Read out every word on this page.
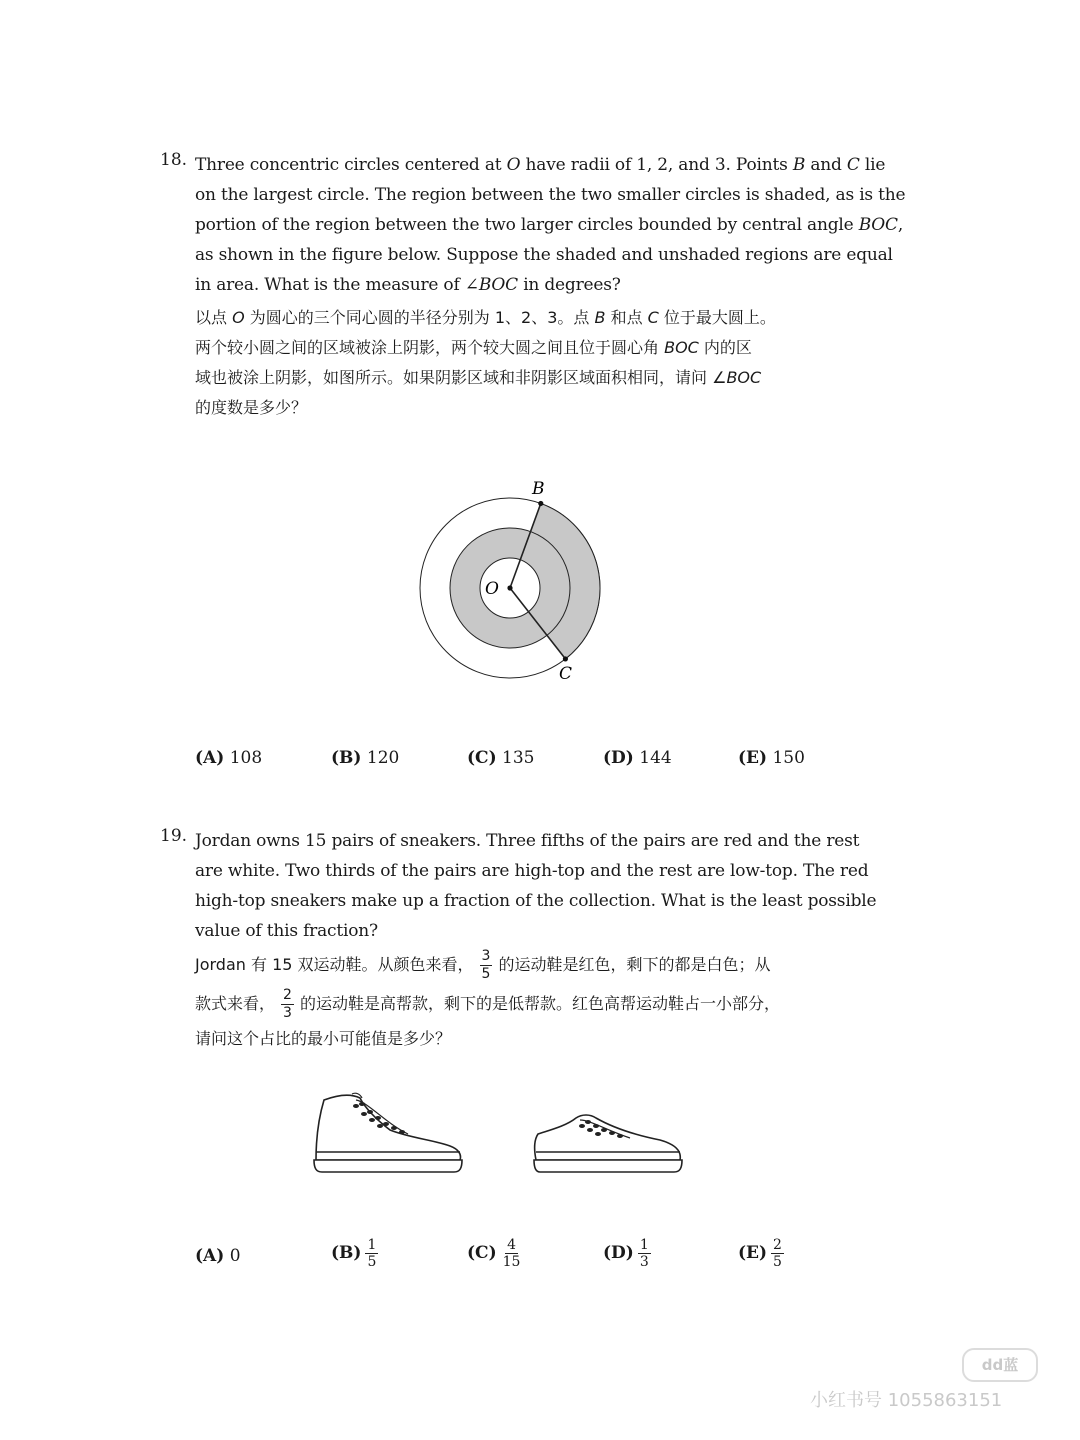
18. Three concentric circles centered at O have radii of 1, 2, and 3. Points B and C lie
on the largest circle. The region between the two smaller circles is shaded, as is the
portion of the region between the two larger circles bounded by central angle BOC,
as shown in the figure below. Suppose the shaded and unshaded regions are equal
in area. What is the measure of ∠BOC in degrees?
以点 O 为圆心的三个同心圆的半径分别为 1、2、3。点 B 和点 C 位于最大圆上。
两个较小圆之间的区域被涂上阴影，两个较大圆之间且位于圆心角 BOC 内的区
域也被涂上阴影，如图所示。如果阴影区域和非阴影区域面积相同，请问 ∠BOC
的度数是多少？
O
B
C
(A) 108	(B) 120	(C) 135	(D) 144	(E) 150
19. Jordan owns 15 pairs of sneakers. Three fifths of the pairs are red and the rest
are white. Two thirds of the pairs are high-top and the rest are low-top. The red
high-top sneakers make up a fraction of the collection. What is the least possible
value of this fraction?
Jordan 有 15 双运动鞋。从颜色来看， $\frac{3}{5}$ 的运动鞋是红色，剩下的都是白色；从
款式来看， $\frac{2}{3}$ 的运动鞋是高帮款，剩下的是低帮款。红色高帮运动鞋占一小部分，
请问这个占比的最小可能值是多少？
(A) 0	$(B) \frac{1}{5}$	$(C) \frac{4}{15}$	$(D) \frac{1}{3}$	$(E) \frac{2}{5}$
dd蓝
小红书号 1055863151
